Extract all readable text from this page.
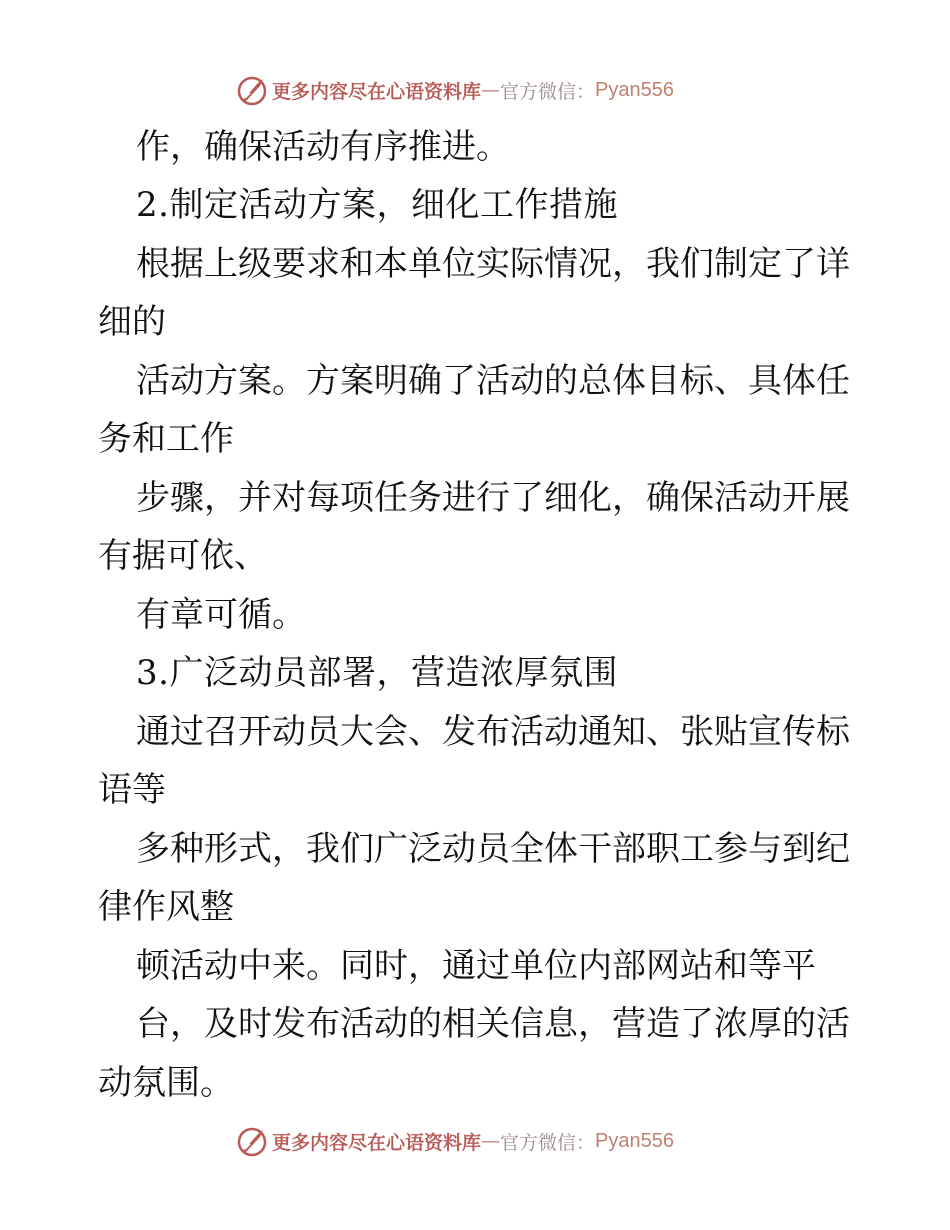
更多内容尽在心语资料库 — 官方微信： Pyan556
作，确保活动有序推进。
2.制定活动方案，细化工作措施
根据上级要求和本单位实际情况，我们制定了详
细的
活动方案。方案明确了活动的总体目标、具体任
务和工作
步骤，并对每项任务进行了细化，确保活动开展
有据可依、
有章可循。
3.广泛动员部署，营造浓厚氛围
通过召开动员大会、发布活动通知、张贴宣传标
语等
多种形式，我们广泛动员全体干部职工参与到纪
律作风整
顿活动中来。同时，通过单位内部网站和等平
台，及时发布活动的相关信息，营造了浓厚的活
动氛围。
更多内容尽在心语资料库 — 官方微信： Pyan556
